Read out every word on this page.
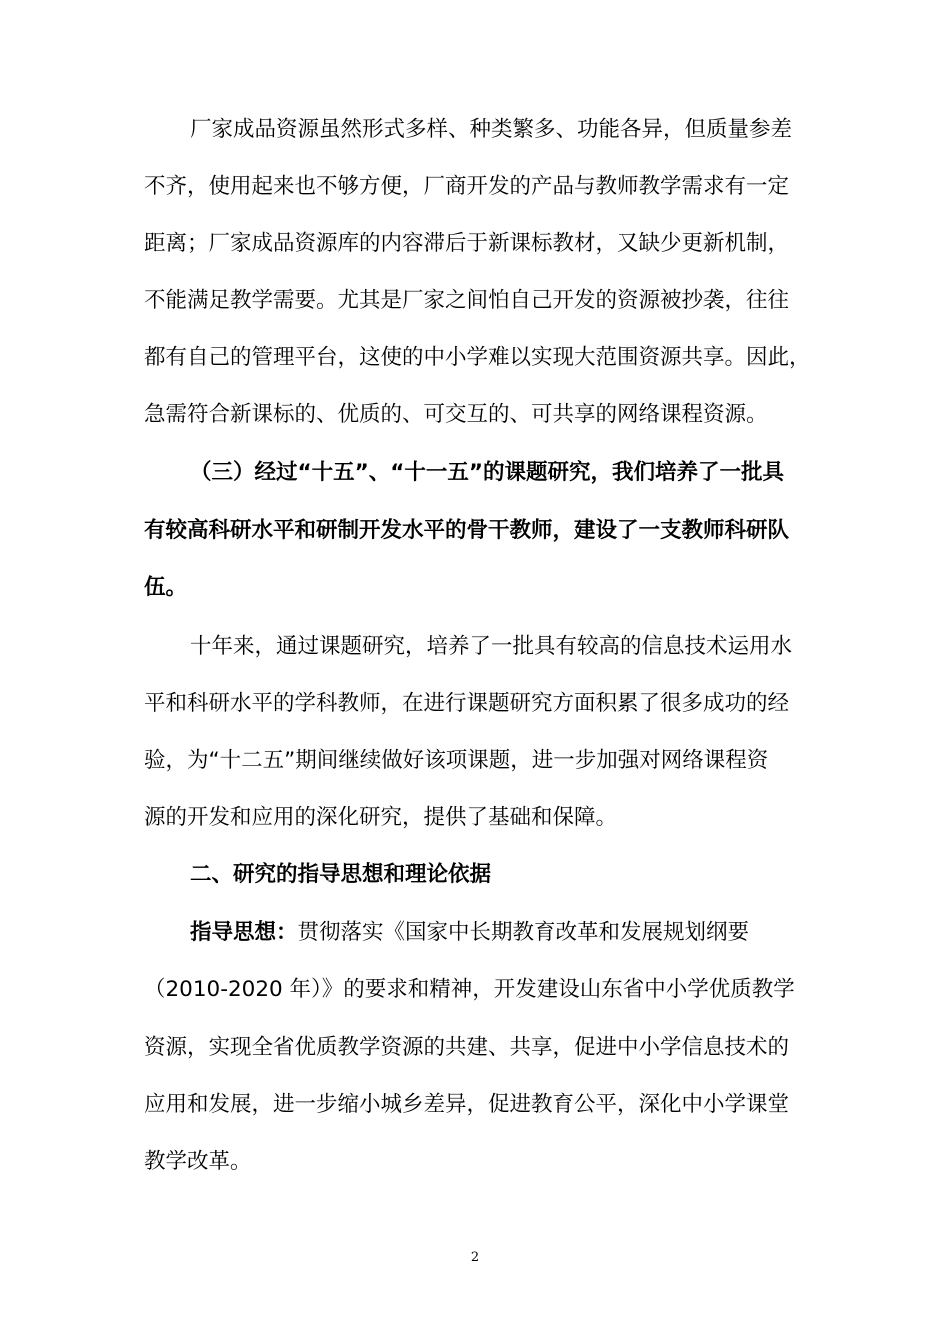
厂家成品资源虽然形式多样、种类繁多、功能各异，但质量参差
不齐，使用起来也不够方便，厂商开发的产品与教师教学需求有一定
距离；厂家成品资源库的内容滞后于新课标教材，又缺少更新机制，
不能满足教学需要。尤其是厂家之间怕自己开发的资源被抄袭，往往
都有自己的管理平台，这使的中小学难以实现大范围资源共享。因此，
急需符合新课标的、优质的、可交互的、可共享的网络课程资源。
（三）经过“十五”、“十一五”的课题研究，我们培养了一批具
有较高科研水平和研制开发水平的骨干教师，建设了一支教师科研队
伍。
十年来，通过课题研究，培养了一批具有较高的信息技术运用水
平和科研水平的学科教师，在进行课题研究方面积累了很多成功的经
验，为“十二五”期间继续做好该项课题，进一步加强对网络课程资
源的开发和应用的深化研究，提供了基础和保障。
二、研究的指导思想和理论依据
指导思想：贯彻落实《国家中长期教育改革和发展规划纲要
（2010-2020 年）》的要求和精神，开发建设山东省中小学优质教学
资源，实现全省优质教学资源的共建、共享，促进中小学信息技术的
应用和发展，进一步缩小城乡差异，促进教育公平，深化中小学课堂
教学改革。
2
